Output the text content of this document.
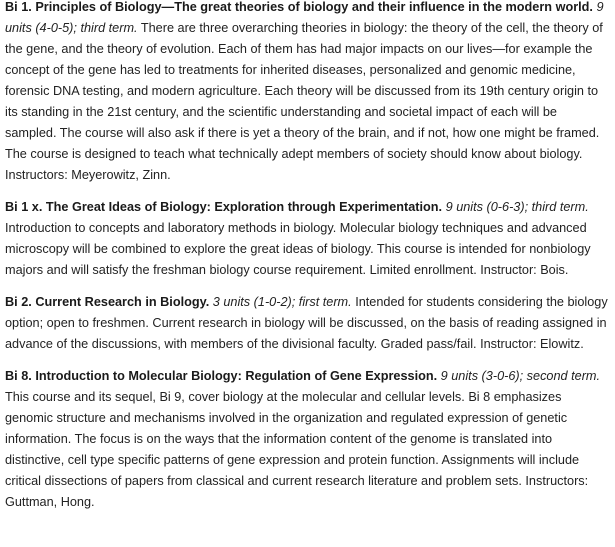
Bi 1. Principles of Biology—The great theories of biology and their influence in the modern world. 9 units (4-0-5); third term. There are three overarching theories in biology: the theory of the cell, the theory of the gene, and the theory of evolution. Each of them has had major impacts on our lives—for example the concept of the gene has led to treatments for inherited diseases, personalized and genomic medicine, forensic DNA testing, and modern agriculture. Each theory will be discussed from its 19th century origin to its standing in the 21st century, and the scientific understanding and societal impact of each will be sampled. The course will also ask if there is yet a theory of the brain, and if not, how one might be framed. The course is designed to teach what technically adept members of society should know about biology. Instructors: Meyerowitz, Zinn.

Bi 1 x. The Great Ideas of Biology: Exploration through Experimentation. 9 units (0-6-3); third term. Introduction to concepts and laboratory methods in biology. Molecular biology techniques and advanced microscopy will be combined to explore the great ideas of biology. This course is intended for nonbiology majors and will satisfy the freshman biology course requirement. Limited enrollment. Instructor: Bois.

Bi 2. Current Research in Biology. 3 units (1-0-2); first term. Intended for students considering the biology option; open to freshmen. Current research in biology will be discussed, on the basis of reading assigned in advance of the discussions, with members of the divisional faculty. Graded pass/fail. Instructor: Elowitz.

Bi 8. Introduction to Molecular Biology: Regulation of Gene Expression. 9 units (3-0-6); second term. This course and its sequel, Bi 9, cover biology at the molecular and cellular levels. Bi 8 emphasizes genomic structure and mechanisms involved in the organization and regulated expression of genetic information. The focus is on the ways that the information content of the genome is translated into distinctive, cell type specific patterns of gene expression and protein function. Assignments will include critical dissections of papers from classical and current research literature and problem sets. Instructors: Guttman, Hong.
